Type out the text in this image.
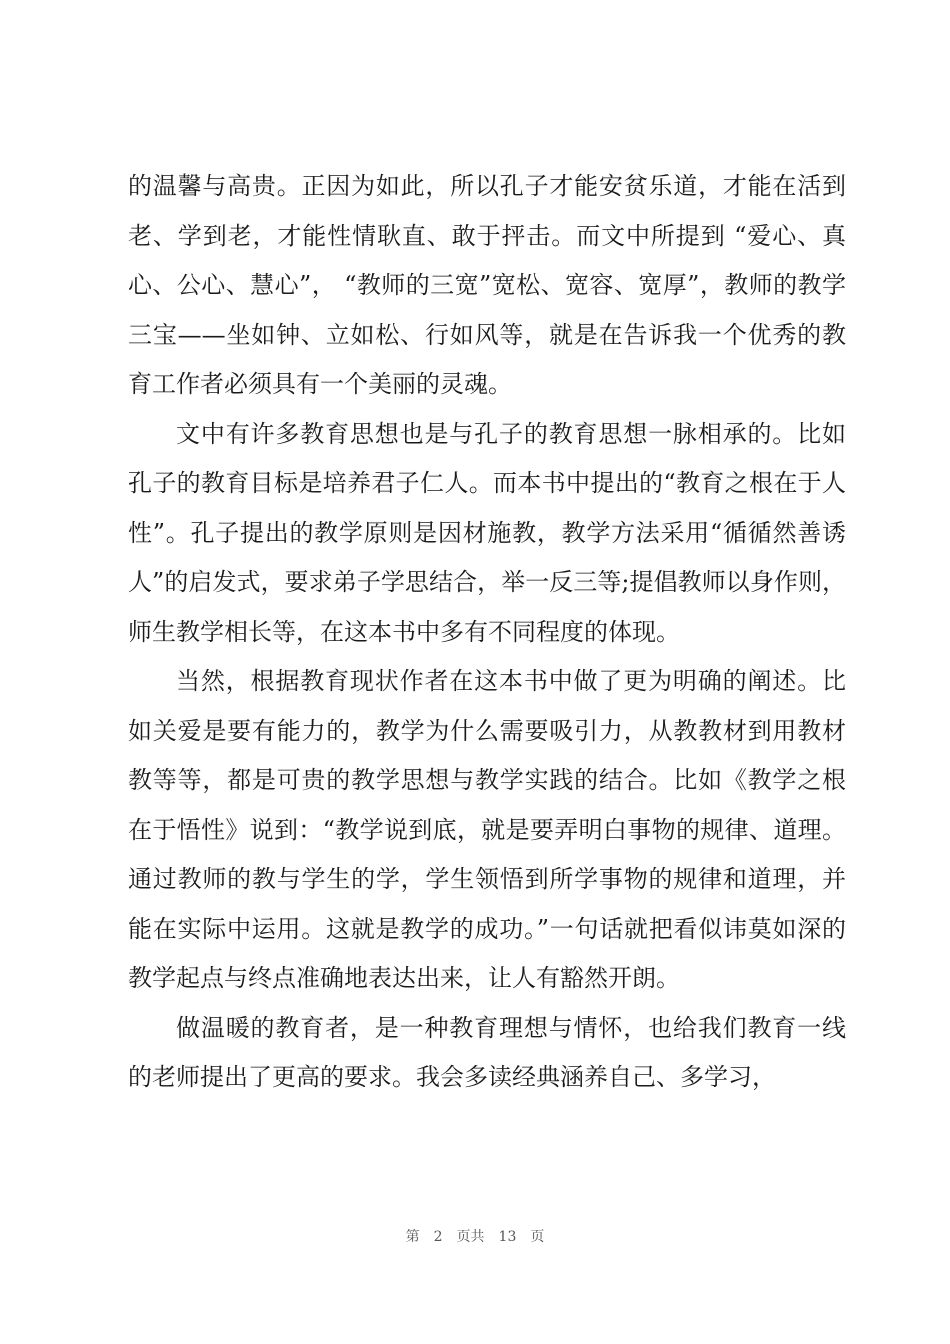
的温馨与高贵。正因为如此，所以孔子才能安贫乐道，才能在活到老、学到老，才能性情耿直、敢于抨击。而文中所提到 “爱心、真心、公心、慧心”， “教师的三宽”宽松、宽容、宽厚”，教师的教学三宝——坐如钟、立如松、行如风等，就是在告诉我一个优秀的教育工作者必须具有一个美丽的灵魂。

文中有许多教育思想也是与孔子的教育思想一脉相承的。比如孔子的教育目标是培养君子仁人。而本书中提出的“教育之根在于人性”。孔子提出的教学原则是因材施教，教学方法采用“循循然善诱人”的启发式，要求弟子学思结合，举一反三等;提倡教师以身作则，师生教学相长等，在这本书中多有不同程度的体现。

当然，根据教育现状作者在这本书中做了更为明确的阐述。比如关爱是要有能力的，教学为什么需要吸引力，从教教材到用教材教等等，都是可贵的教学思想与教学实践的结合。比如《教学之根在于悟性》说到：“教学说到底，就是要弄明白事物的规律、道理。通过教师的教与学生的学，学生领悟到所学事物的规律和道理，并能在实际中运用。这就是教学的成功。”一句话就把看似讳莫如深的教学起点与终点准确地表达出来，让人有豁然开朗。

做温暖的教育者，是一种教育理想与情怀，也给我们教育一线的老师提出了更高的要求。我会多读经典涵养自己、多学习，

第 2 页共 13 页
